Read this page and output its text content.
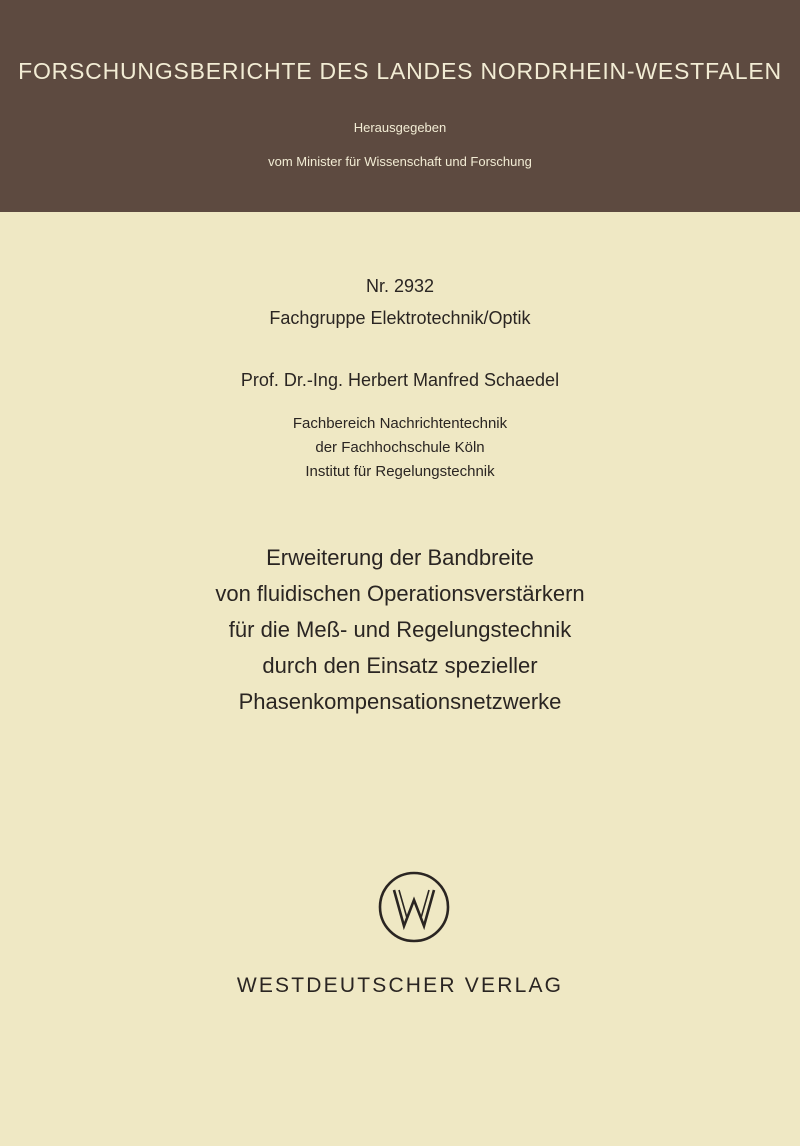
FORSCHUNGSBERICHTE DES LANDES NORDRHEIN-WESTFALEN
Herausgegeben
vom Minister für Wissenschaft und Forschung
Nr. 2932
Fachgruppe Elektrotechnik/Optik
Prof. Dr.-Ing. Herbert Manfred Schaedel
Fachbereich Nachrichtentechnik
der Fachhochschule Köln
Institut für Regelungstechnik
Erweiterung der Bandbreite
von fluidischen Operationsverstärkern
für die Meß- und Regelungstechnik
durch den Einsatz spezieller
Phasenkompensationsnetzwerke
WESTDEUTSCHER VERLAG
